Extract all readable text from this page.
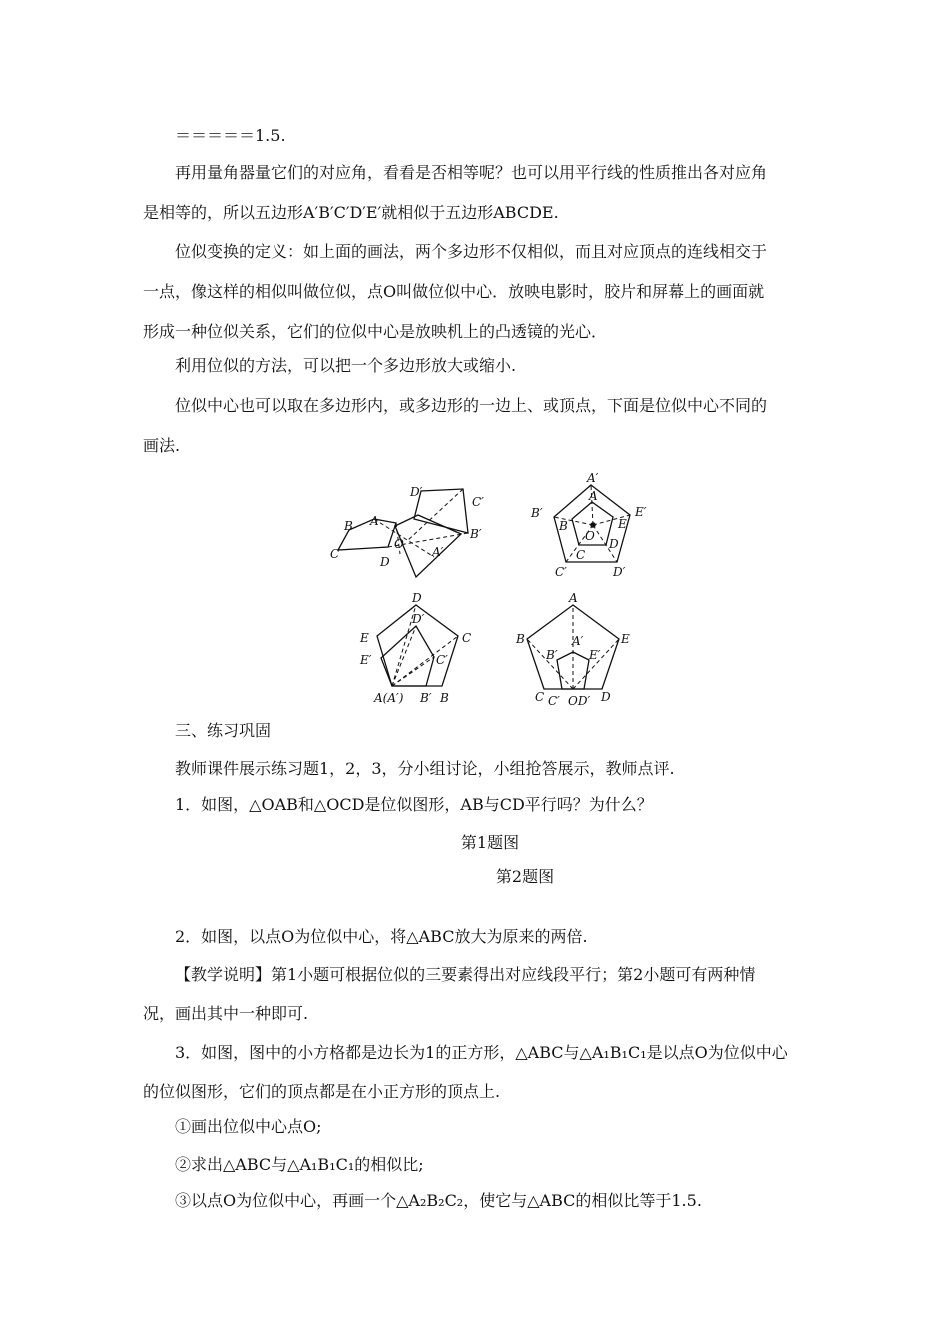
＝＝＝＝＝1.5.
再用量角器量它们的对应角，看看是否相等呢？也可以用平行线的性质推出各对应角
是相等的，所以五边形A′B′C′D′E′就相似于五边形ABCDE.
位似变换的定义：如上面的画法，两个多边形不仅相似，而且对应顶点的连线相交于
一点，像这样的相似叫做位似，点O叫做位似中心．放映电影时，胶片和屏幕上的画面就
形成一种位似关系，它们的位似中心是放映机上的凸透镜的光心．
利用位似的方法，可以把一个多边形放大或缩小.
位似中心也可以取在多边形内，或多边形的一边上、或顶点，下面是位似中心不同的
画法.
B A
C
D
O
D′
C′
B′
A′
A′
A
B′
B
E′
E
O
D
C
C′	D′
D
D′
E
E′
C
C′
A(A′) B′ B
A
A′
B
B′
E
E′
C C′ OD′ D
三、练习巩固
教师课件展示练习题1，2，3，分小组讨论，小组抢答展示，教师点评.
1．如图，△OAB和△OCD是位似图形，AB与CD平行吗？为什么？
第1题图
第2题图
2．如图，以点O为位似中心，将△ABC放大为原来的两倍.
【教学说明】第1小题可根据位似的三要素得出对应线段平行；第2小题可有两种情
况，画出其中一种即可.
3．如图，图中的小方格都是边长为1的正方形，△ABC与△A₁B₁C₁是以点O为位似中心
的位似图形，它们的顶点都是在小正方形的顶点上.
①画出位似中心点O;
②求出△ABC与△A₁B₁C₁的相似比;
③以点O为位似中心，再画一个△A₂B₂C₂，使它与△ABC的相似比等于1.5.
